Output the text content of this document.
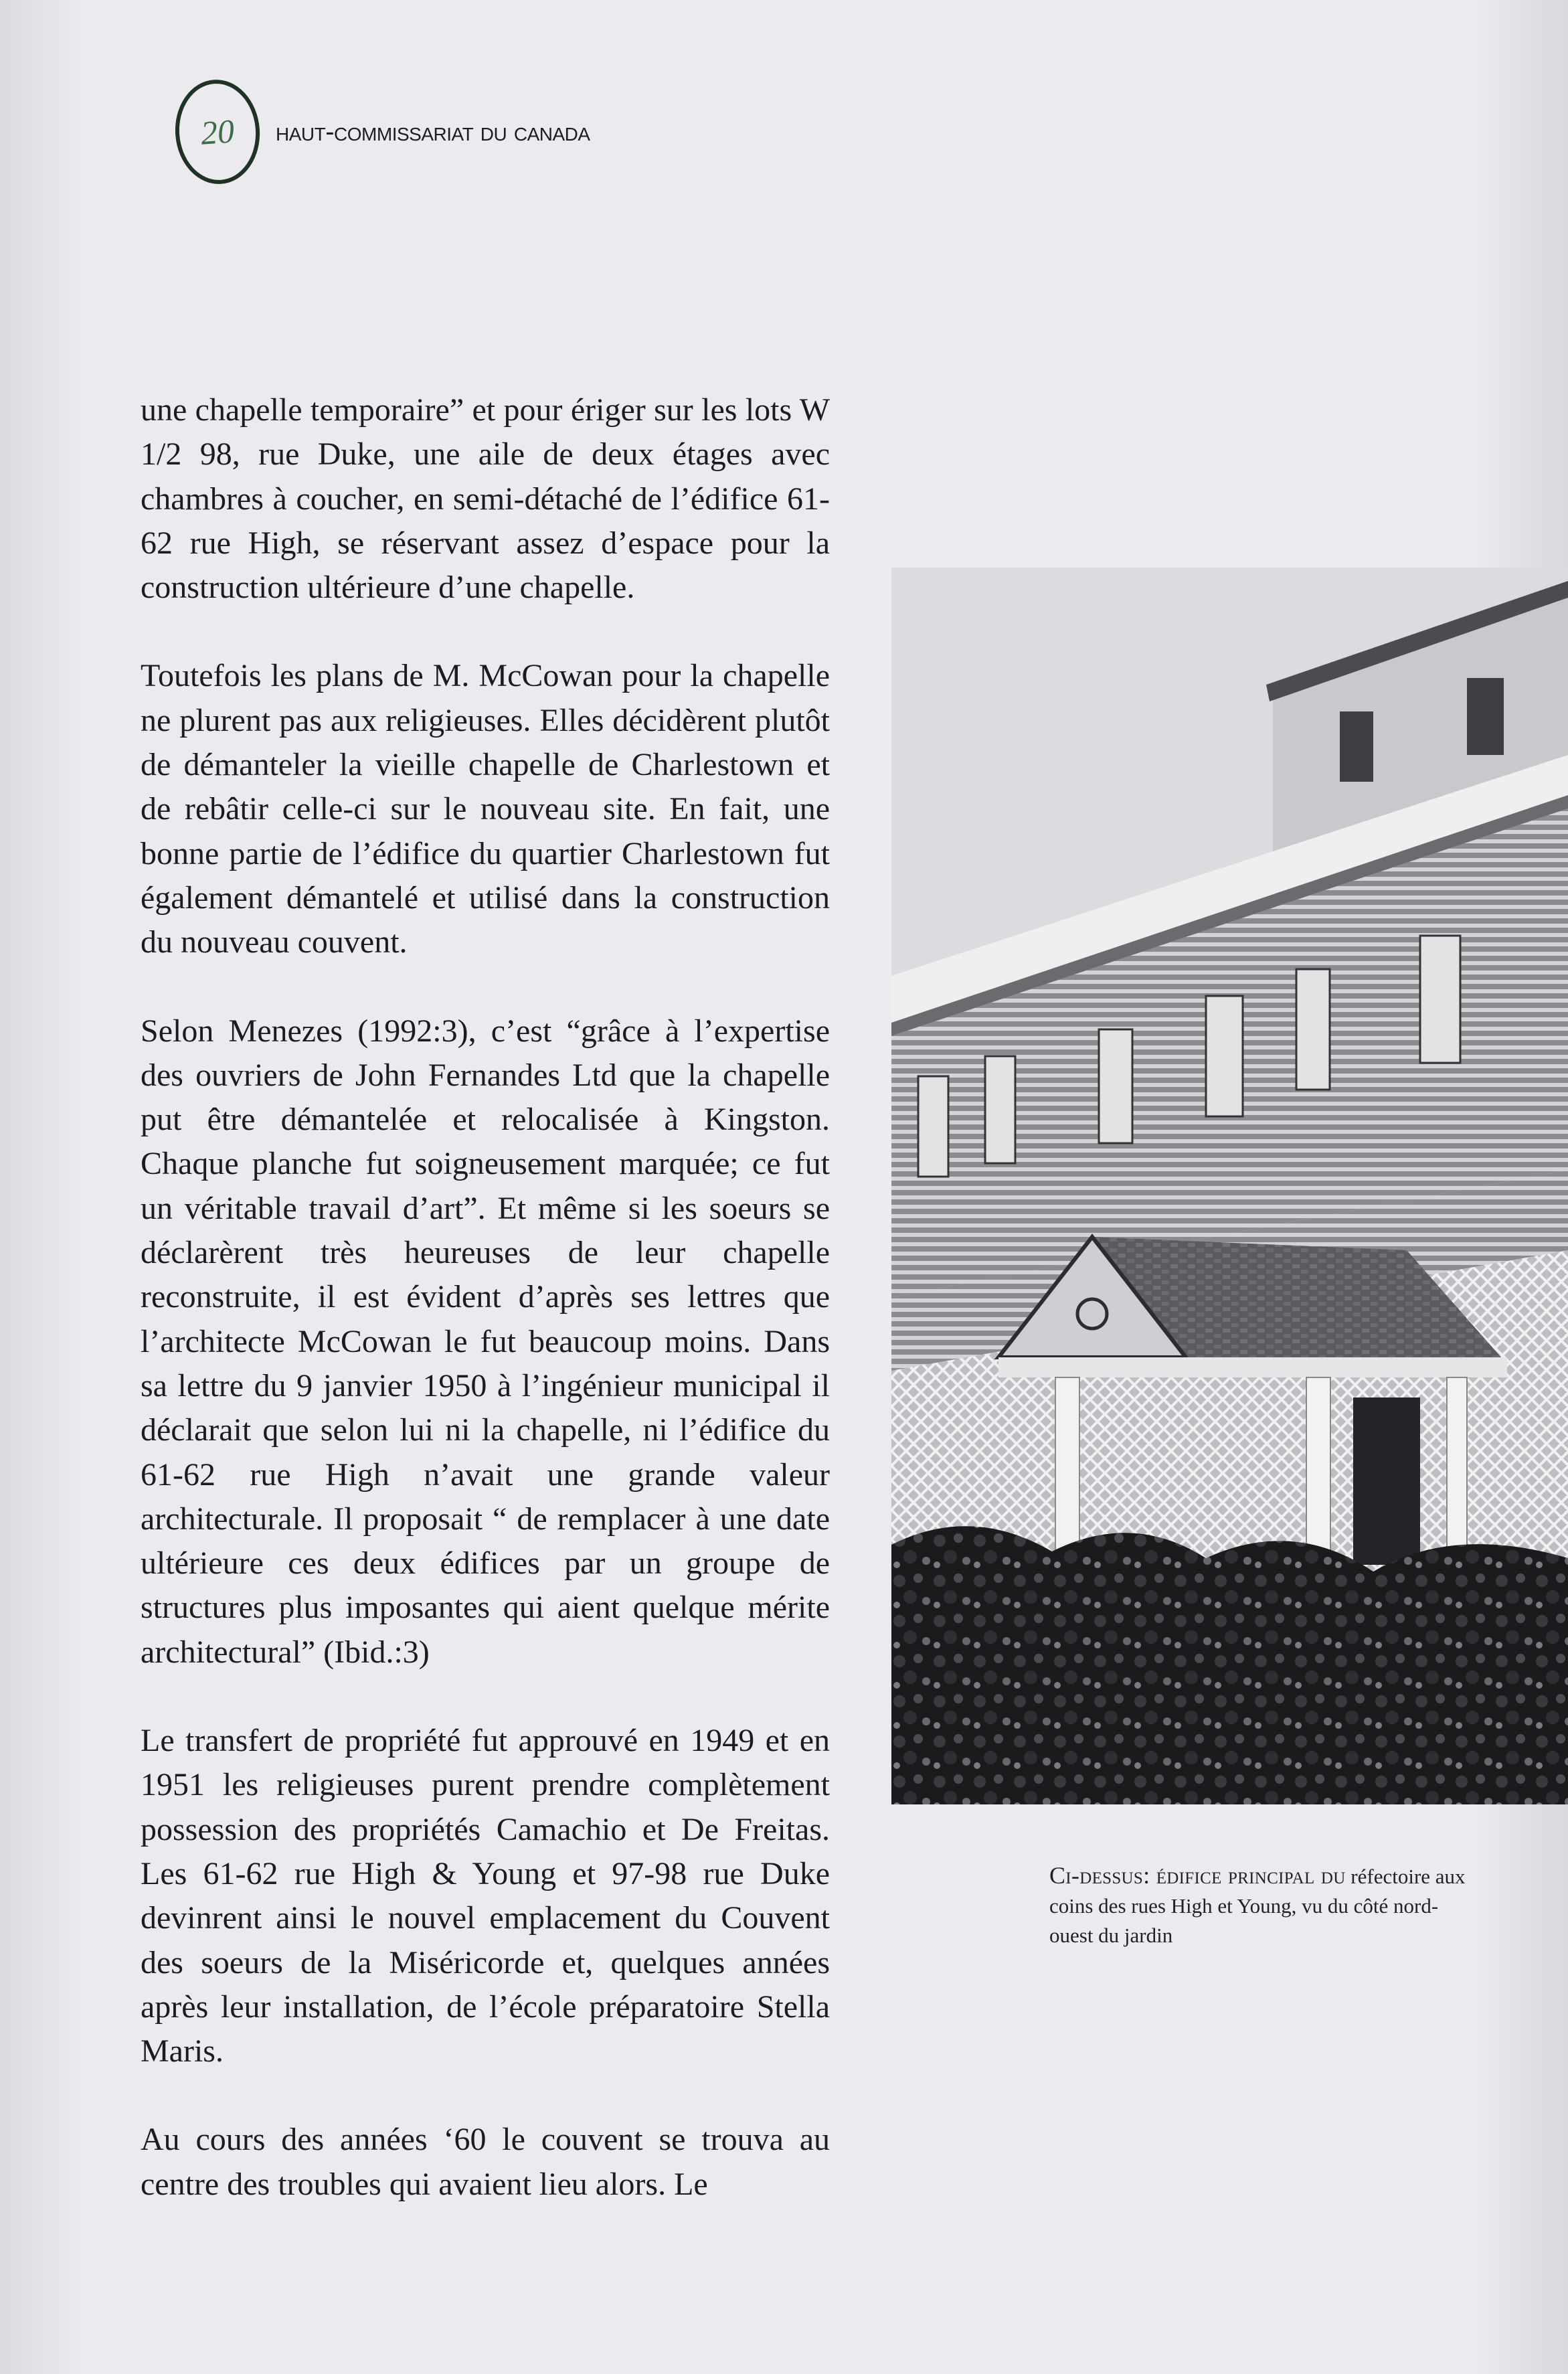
20 haut-commissariat du canada

une chapelle temporaire” et pour ériger sur les lots W 1/2 98, rue Duke, une aile de deux étages avec chambres à coucher, en semi-détaché de l’édifice 61-62 rue High, se réservant assez d’espace pour la construction ultérieure d’une chapelle.

Toutefois les plans de M. McCowan pour la chapelle ne plurent pas aux religieuses. Elles décidèrent plutôt de démanteler la vieille chapelle de Charlestown et de rebâtir celle-ci sur le nouveau site. En fait, une bonne partie de l’édifice du quartier Charlestown fut également démantelé et utilisé dans la construction du nouveau couvent.

Selon Menezes (1992:3), c’est “grâce à l’expertise des ouvriers de John Fernandes Ltd que la chapelle put être démantelée et relocalisée à Kingston. Chaque planche fut soigneusement marquée; ce fut un véritable travail d’art”. Et même si les soeurs se déclarèrent très heureuses de leur chapelle reconstruite, il est évident d’après ses lettres que l’architecte McCowan le fut beaucoup moins. Dans sa lettre du 9 janvier 1950 à l’ingénieur municipal il déclarait que selon lui ni la chapelle, ni l’édifice du 61-62 rue High n’avait une grande valeur architecturale. Il proposait “ de remplacer à une date ultérieure ces deux édifices par un groupe de structures plus imposantes qui aient quelque mérite architectural” (Ibid.:3)

Le transfert de propriété fut approuvé en 1949 et en 1951 les religieuses purent prendre complètement possession des propriétés Camachio et De Freitas. Les 61-62 rue High & Young et 97-98 rue Duke devinrent ainsi le nouvel emplacement du Couvent des soeurs de la Miséricorde et, quelques années après leur installation, de l’école préparatoire Stella Maris.

Au cours des années ‘60 le couvent se trouva au centre des troubles qui avaient lieu alors. Le

Ci-dessus: édifice principal du réfectoire aux coins des rues High et Young, vu du côté nord-ouest du jardin
